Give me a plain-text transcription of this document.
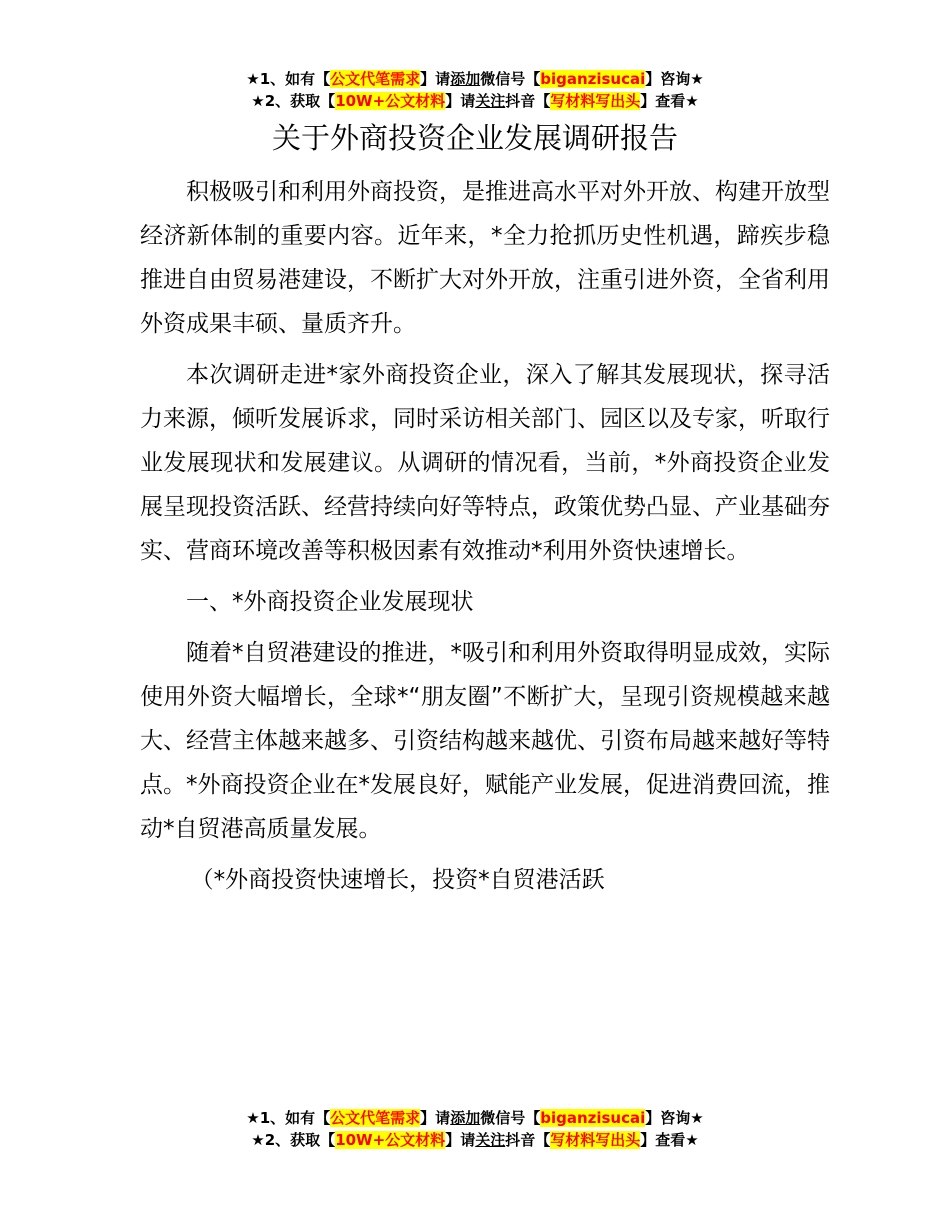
★1、如有【公文代笔需求】请添加微信号【biganzisucai】咨询★
★2、获取【10W+公文材料】请关注抖音【写材料写出头】查看★
关于外商投资企业发展调研报告

积极吸引和利用外商投资，是推进高水平对外开放、构建开放型经济新体制的重要内容。近年来，*全力抢抓历史性机遇，蹄疾步稳推进自由贸易港建设，不断扩大对外开放，注重引进外资，全省利用外资成果丰硕、量质齐升。

本次调研走进*家外商投资企业，深入了解其发展现状，探寻活力来源，倾听发展诉求，同时采访相关部门、园区以及专家，听取行业发展现状和发展建议。从调研的情况看，当前，*外商投资企业发展呈现投资活跃、经营持续向好等特点，政策优势凸显、产业基础夯实、营商环境改善等积极因素有效推动*利用外资快速增长。

一、*外商投资企业发展现状

随着*自贸港建设的推进，*吸引和利用外资取得明显成效，实际使用外资大幅增长，全球*“朋友圈”不断扩大，呈现引资规模越来越大、经营主体越来越多、引资结构越来越优、引资布局越来越好等特点。*外商投资企业在*发展良好，赋能产业发展，促进消费回流，推动*自贸港高质量发展。

（*外商投资快速增长，投资*自贸港活跃

★1、如有【公文代笔需求】请添加微信号【biganzisucai】咨询★
★2、获取【10W+公文材料】请关注抖音【写材料写出头】查看★
